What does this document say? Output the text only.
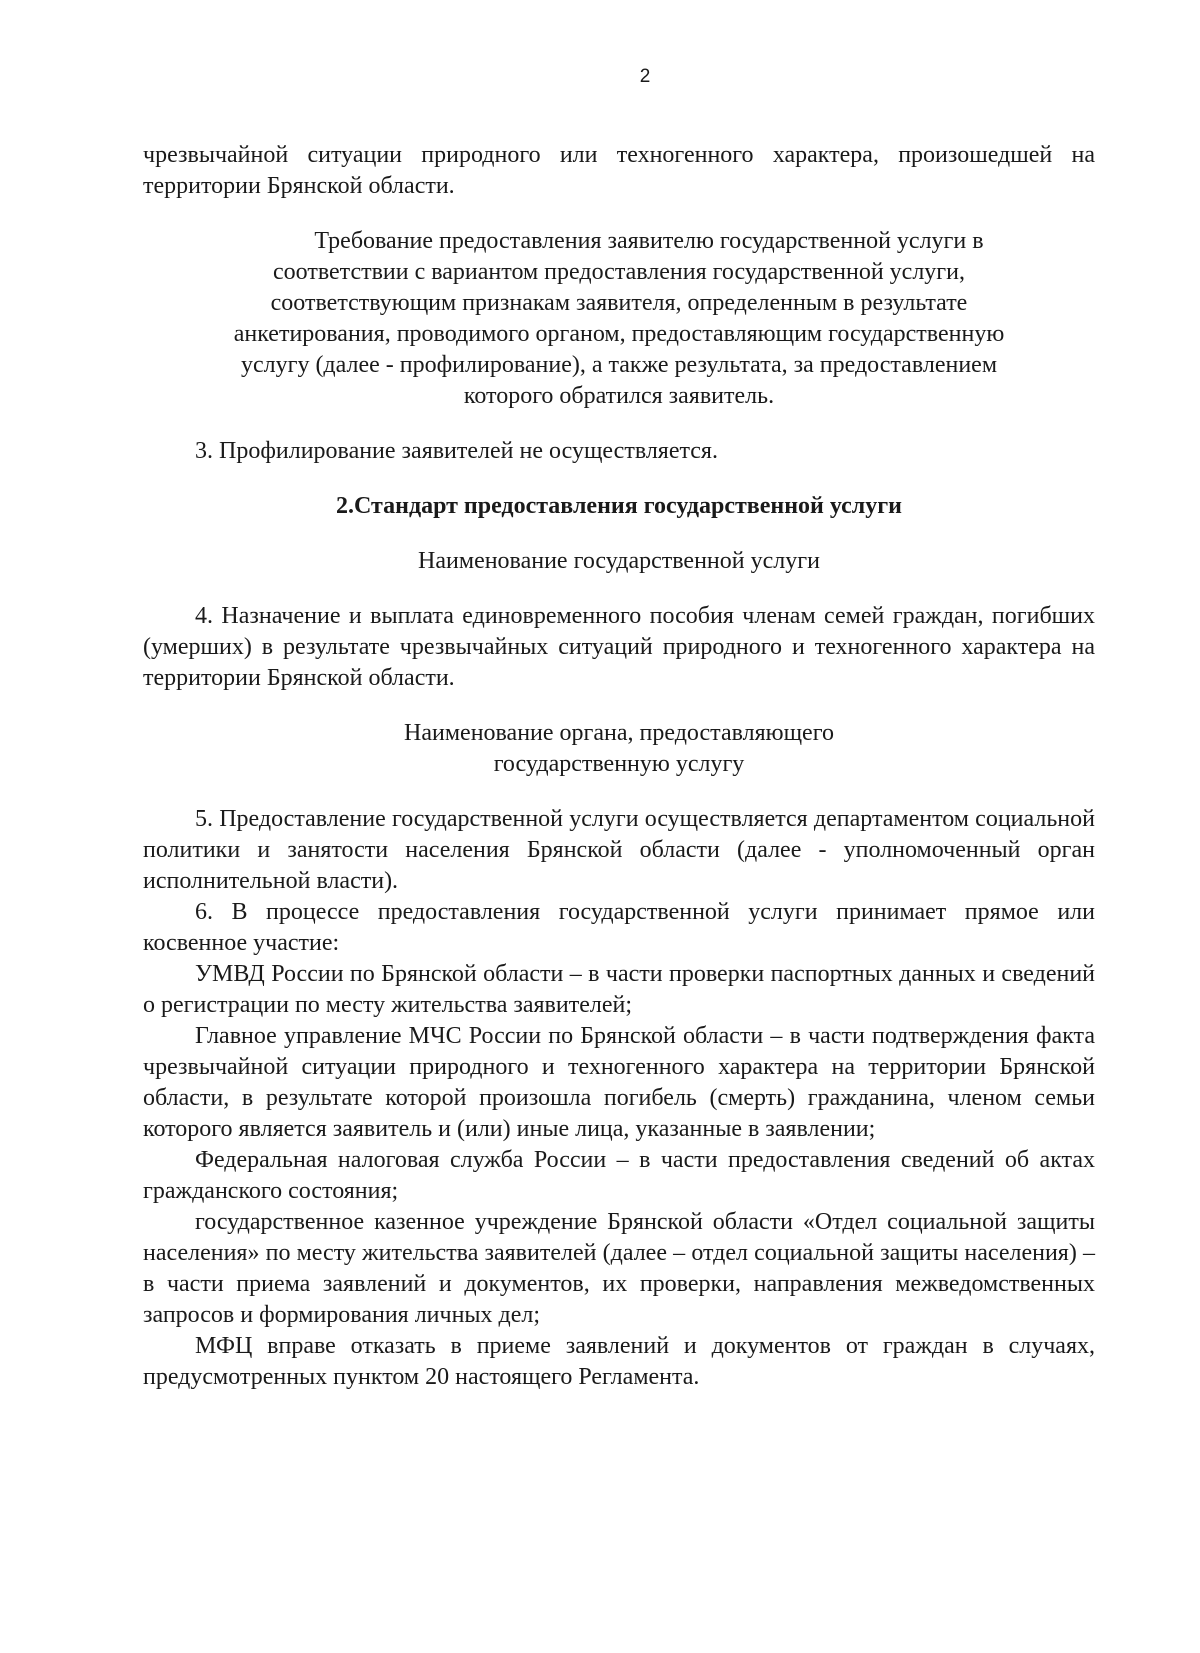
2

чрезвычайной ситуации природного или техногенного характера, произошедшей на территории Брянской области.

Требование предоставления заявителю государственной услуги в соответствии с вариантом предоставления государственной услуги, соответствующим признакам заявителя, определенным в результате анкетирования, проводимого органом, предоставляющим государственную услугу (далее - профилирование), а также результата, за предоставлением которого обратился заявитель.

3. Профилирование заявителей не осуществляется.

2.Стандарт предоставления государственной услуги

Наименование государственной услуги

4. Назначение и выплата единовременного пособия членам семей граждан, погибших (умерших) в результате чрезвычайных ситуаций природного и техногенного характера на территории Брянской области.

Наименование органа, предоставляющего

государственную услугу

5. Предоставление государственной услуги осуществляется департаментом социальной политики и занятости населения Брянской области (далее - уполномоченный орган исполнительной власти).

6. В процессе предоставления государственной услуги принимает прямое или косвенное участие:

УМВД России по Брянской области – в части проверки паспортных данных и сведений о регистрации по месту жительства заявителей;

Главное управление МЧС России по Брянской области – в части подтверждения факта чрезвычайной ситуации природного и техногенного характера на территории Брянской области, в результате которой произошла погибель (смерть) гражданина, членом семьи которого является заявитель и (или) иные лица, указанные в заявлении;

Федеральная налоговая служба России – в части предоставления сведений об актах гражданского состояния;

государственное казенное учреждение Брянской области «Отдел социальной защиты населения» по месту жительства заявителей (далее – отдел социальной защиты населения) – в части приема заявлений и документов, их проверки, направления межведомственных запросов и формирования личных дел;

МФЦ вправе отказать в приеме заявлений и документов от граждан в случаях, предусмотренных пунктом 20 настоящего Регламента.
